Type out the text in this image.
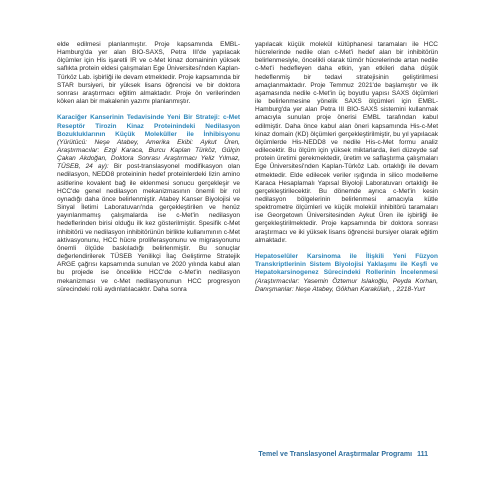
elde edilmesi planlanmıştır. Proje kapsamında EMBL-Hamburg'da yer alan BIO-SAXS, Petra III'de yapılacak ölçümler için His işaretli IR ve c-Met kinaz domaininin yüksek saflıkta protein eldesi çalışmaları Ege Üniversitesi'nden Kaplan-Türköz Lab. işbirliği ile devam etmektedir. Proje kapsamında bir STAR bursiyeri, bir yüksek lisans öğrencisi ve bir doktora sonrası araştırmacı eğitim almaktadır. Proje ön verilerinden köken alan bir makalenin yazımı planlanmıştır.

Karaciğer Kanserinin Tedavisinde Yeni Bir Strateji: c-Met Reseptör Tirozin Kinaz Proteinindeki Nedilasyon Bozukluklarının Küçük Moleküller ile İnhibisyonu (Yürütücü: Neşe Atabey, Amerika Ekibi: Aykut Üren, Araştırmacılar: Ezgi Karaca, Burcu Kaplan Türköz, Gülçin Çakan Akdoğan, Doktora Sonrası Araştırmacı Yeliz Yılmaz, TÜSEB, 24 ay): Bir post-translasyonel modifikasyon olan nedilasyon, NEDD8 proteininin hedef proteinlerdeki lizin amino asitlerine kovalent bağ ile eklenmesi sonucu gerçekleşir ve HCC'de genel nedilasyon mekanizmasının önemli bir rol oynadığı daha önce belirlenmiştir. Atabey Kanser Biyolojisi ve Sinyal İletimi Laboratuvarı'nda gerçekleştirilen ve henüz yayınlanmamış çalışmalarda ise c-Met'in nedilasyon hedeflerinden birisi olduğu ilk kez gösterilmiştir. Spesifik c-Met inhibitörü ve nedilasyon inhibitörünün birlikte kullanımının c-Met aktivasyonunu, HCC hücre proliferasyonunu ve migrasyonunu önemli ölçüde baskıladığı belirlenmiştir. Bu sonuçlar değerlendirilerek TÜSEB Yenilikçi İlaç Geliştirme Stratejik ARGE çağrısı kapsamında sunulan ve 2020 yılında kabul alan bu projede ise öncelikle HCC'de c-Met'in nedilasyon mekanizması ve c-Met nedilasyonunun HCC progresyon sürecindeki rolü aydınlatılacaktır. Daha sonra

yapılacak küçük molekül kütüphanesi taramaları ile HCC hücrelerinde nedile olan c-Met'i hedef alan bir inhibitörün belirlenmesiyle, öncelikli olarak tümör hücrelerinde artan nedile c-Met'i hedefleyen daha etkin, yan etkileri daha düşük hedeflenmiş bir tedavi stratejisinin geliştirilmesi amaçlanmaktadır. Proje Temmuz 2021'de başlamıştır ve ilk aşamasında nedile c-Met'in üç boyutlu yapısı SAXS ölçümleri ile belirlenmesine yönelik SAXS ölçümleri için EMBL-Hamburg'da yer alan Petra III BIO-SAXS sistemini kullanmak amacıyla sunulan proje önerisi EMBL tarafından kabul edilmiştir. Daha önce kabul alan öneri kapsamında His-c-Met kinaz domain (KD) ölçümleri gerçekleştirilmiştir, bu yıl yapılacak ölçümlerde His-NEDD8 ve nedile His-c-Met formu analiz edilecektir. Bu ölçüm için yüksek miktarlarda, ileri düzeyde saf protein üretimi gerekmektedir, üretim ve saflaştırma çalışmaları Ege Üniversitesi'nden Kaplan-Türköz Lab. ortaklığı ile devam etmektedir. Elde edilecek veriler ışığında in silico modelleme Karaca Hesaplamalı Yapısal Biyoloji Laboratuvarı ortaklığı ile gerçekleştirilecektir. Bu dönemde ayrıca c-Met'in kesin nedilasyon bölgelerinin belirlenmesi amacıyla kütle spektrometre ölçümleri ve küçük molekül inhibitörü taramaları ise Georgetown Üniversitesinden Aykut Üren ile işbirliği ile gerçekleştirilmektedir. Proje kapsamında bir doktora sonrası araştırmacı ve iki yüksek lisans öğrencisi bursiyer olarak eğitim almaktadır.

Hepatoselüler Karsinoma ile İlişkili Yeni Füzyon Transkriptlerinin Sistem Biyolojisi Yaklaşımı ile Keşfi ve Hepatokarsinogenez Sürecindeki Rollerinin İncelenmesi (Araştırmacılar: Yasemin Öztemur Islakoğlu, Peyda Korhan, Danışmanlar: Neşe Atabey, Gökhan Karakülah, , 2218-Yurt

Temel ve Translasyonel Araştırmalar Programı 111
